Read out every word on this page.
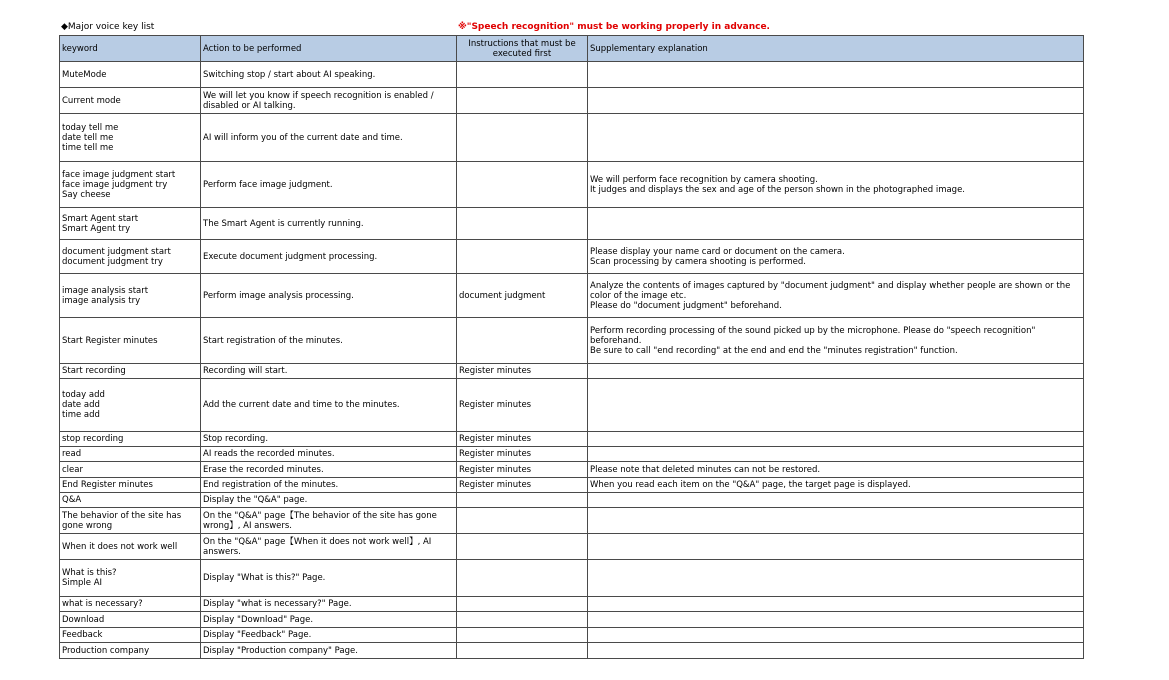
◆Major voice key list	※"Speech recognition" must be working properly in advance.
keyword	Action to be performed	Instructions that must be executed first	Supplementary explanation
MuteMode	Switching stop / start about AI speaking.		
Current mode	We will let you know if speech recognition is enabled / disabled or AI talking.		
today tell me
date tell me
time tell me	AI will inform you of the current date and time.		
face image judgment start
face image judgment try
Say cheese	Perform face image judgment.		We will perform face recognition by camera shooting.
It judges and displays the sex and age of the person shown in the photographed image.
Smart Agent start
Smart Agent try	The Smart Agent is currently running.		
document judgment start
document judgment try	Execute document judgment processing.		Please display your name card or document on the camera.
Scan processing by camera shooting is performed.
image analysis start
image analysis try	Perform image analysis processing.	document judgment	Analyze the contents of images captured by "document judgment" and display whether people are shown or the color of the image etc.
Please do "document judgment" beforehand.
Start Register minutes	Start registration of the minutes.		Perform recording processing of the sound picked up by the microphone. Please do "speech recognition" beforehand.
Be sure to call "end recording" at the end and end the "minutes registration" function.
Start recording	Recording will start.	Register minutes	
today add
date add
time add	Add the current date and time to the minutes.	Register minutes	
stop recording	Stop recording.	Register minutes	
read	AI reads the recorded minutes.	Register minutes	
clear	Erase the recorded minutes.	Register minutes	Please note that deleted minutes can not be restored.
End Register minutes	End registration of the minutes.	Register minutes	When you read each item on the "Q&A" page, the target page is displayed.
Q&A	Display the "Q&A" page.		
The behavior of the site has gone wrong	On the "Q&A" page【The behavior of the site has gone wrong】, AI answers.		
When it does not work well	On the "Q&A" page【When it does not work well】, AI answers.		
What is this?
Simple AI	Display "What is this?" Page.		
what is necessary?	Display "what is necessary?" Page.		
Download	Display "Download" Page.		
Feedback	Display "Feedback" Page.		
Production company	Display "Production company" Page.		
